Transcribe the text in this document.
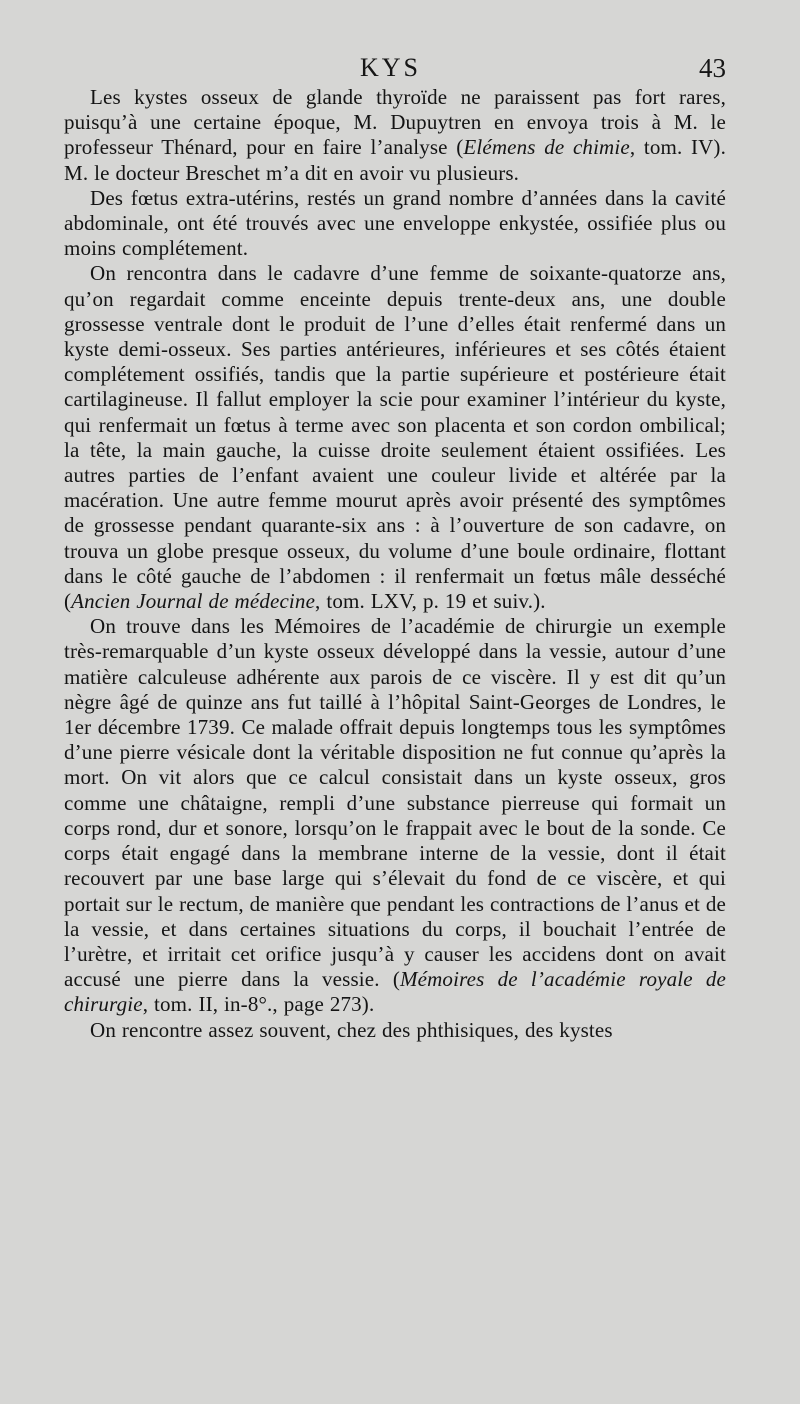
KYS	43

Les kystes osseux de glande thyroïde ne paraissent pas fort rares, puisqu’à une certaine époque, M. Dupuytren en envoya trois à M. le professeur Thénard, pour en faire l’analyse (Elémens de chimie, tom. IV). M. le docteur Breschet m’a dit en avoir vu plusieurs.

Des fœtus extra-utérins, restés un grand nombre d’années dans la cavité abdominale, ont été trouvés avec une enveloppe enkystée, ossifiée plus ou moins complétement.

On rencontra dans le cadavre d’une femme de soixante-quatorze ans, qu’on regardait comme enceinte depuis trente-deux ans, une double grossesse ventrale dont le produit de l’une d’elles était renfermé dans un kyste demi-osseux. Ses parties antérieures, inférieures et ses côtés étaient complétement ossifiés, tandis que la partie supérieure et postérieure était cartilagineuse. Il fallut employer la scie pour examiner l’intérieur du kyste, qui renfermait un fœtus à terme avec son placenta et son cordon ombilical; la tête, la main gauche, la cuisse droite seulement étaient ossifiées. Les autres parties de l’enfant avaient une couleur livide et altérée par la macération. Une autre femme mourut après avoir présenté des symptômes de grossesse pendant quarante-six ans : à l’ouverture de son cadavre, on trouva un globe presque osseux, du volume d’une boule ordinaire, flottant dans le côté gauche de l’abdomen : il renfermait un fœtus mâle desséché (Ancien Journal de médecine, tom. LXV, p. 19 et suiv.).

On trouve dans les Mémoires de l’académie de chirurgie un exemple très-remarquable d’un kyste osseux développé dans la vessie, autour d’une matière calculeuse adhérente aux parois de ce viscère. Il y est dit qu’un nègre âgé de quinze ans fut taillé à l’hôpital Saint-Georges de Londres, le 1er décembre 1739. Ce malade offrait depuis longtemps tous les symptômes d’une pierre vésicale dont la véritable disposition ne fut connue qu’après la mort. On vit alors que ce calcul consistait dans un kyste osseux, gros comme une châtaigne, rempli d’une substance pierreuse qui formait un corps rond, dur et sonore, lorsqu’on le frappait avec le bout de la sonde. Ce corps était engagé dans la membrane interne de la vessie, dont il était recouvert par une base large qui s’élevait du fond de ce viscère, et qui portait sur le rectum, de manière que pendant les contractions de l’anus et de la vessie, et dans certaines situations du corps, il bouchait l’entrée de l’urètre, et irritait cet orifice jusqu’à y causer les accidens dont on avait accusé une pierre dans la vessie. (Mémoires de l’académie royale de chirurgie, tom. II, in-8°., page 273).

On rencontre assez souvent, chez des phthisiques, des kystes
